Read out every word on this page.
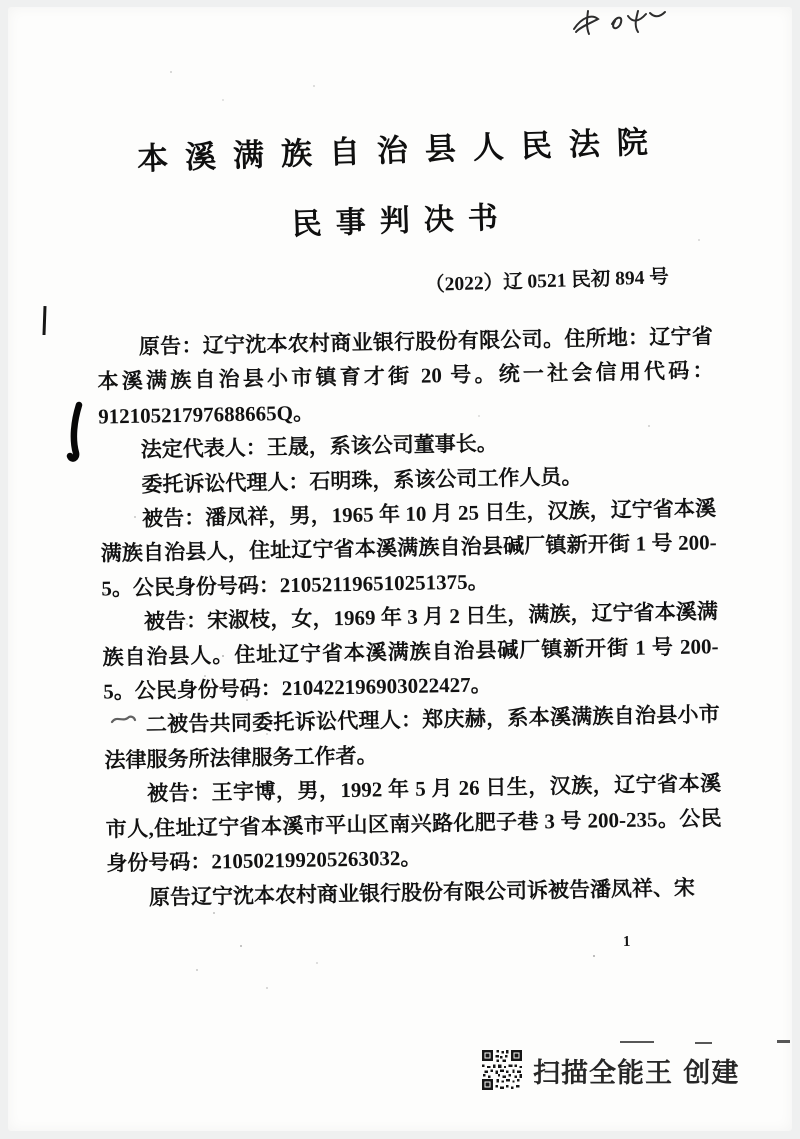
本溪满族自治县人民法院
民事判决书
（2022）辽 0521 民初 894 号

原告：辽宁沈本农村商业银行股份有限公司。住所地：辽宁省本溪满族自治县小市镇育才街 20 号。统一社会信用代码：91210521797688665Q。

法定代表人：王晟，系该公司董事长。

委托诉讼代理人：石明珠，系该公司工作人员。

被告：潘凤祥，男，1965 年 10 月 25 日生，汉族，辽宁省本溪满族自治县人，住址辽宁省本溪满族自治县碱厂镇新开街 1 号 200-5。公民身份号码：210521196510251375。

被告：宋淑枝，女，1969 年 3 月 2 日生，满族，辽宁省本溪满族自治县人。住址辽宁省本溪满族自治县碱厂镇新开街 1 号 200-5。公民身份号码：210422196903022427。

二被告共同委托诉讼代理人：郑庆赫，系本溪满族自治县小市法律服务所法律服务工作者。

被告：王宇博，男，1992 年 5 月 26 日生，汉族，辽宁省本溪市人,住址辽宁省本溪市平山区南兴路化肥子巷 3 号 200-235。公民身份号码：210502199205263032。

原告辽宁沈本农村商业银行股份有限公司诉被告潘凤祥、宋

1
扫描全能王 创建
